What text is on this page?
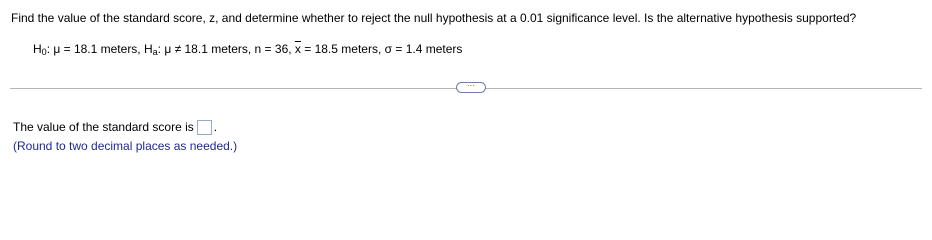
Find the value of the standard score, z, and determine whether to reject the null hypothesis at a 0.01 significance level. Is the alternative hypothesis supported?
$H_0$: μ = 18.1 meters, $H_a$: μ ≠ 18.1 meters, n = 36, $\overline{x} = 18.5$ meters, σ = 1.4 meters
···
The value of the standard score is .
(Round to two decimal places as needed.)
